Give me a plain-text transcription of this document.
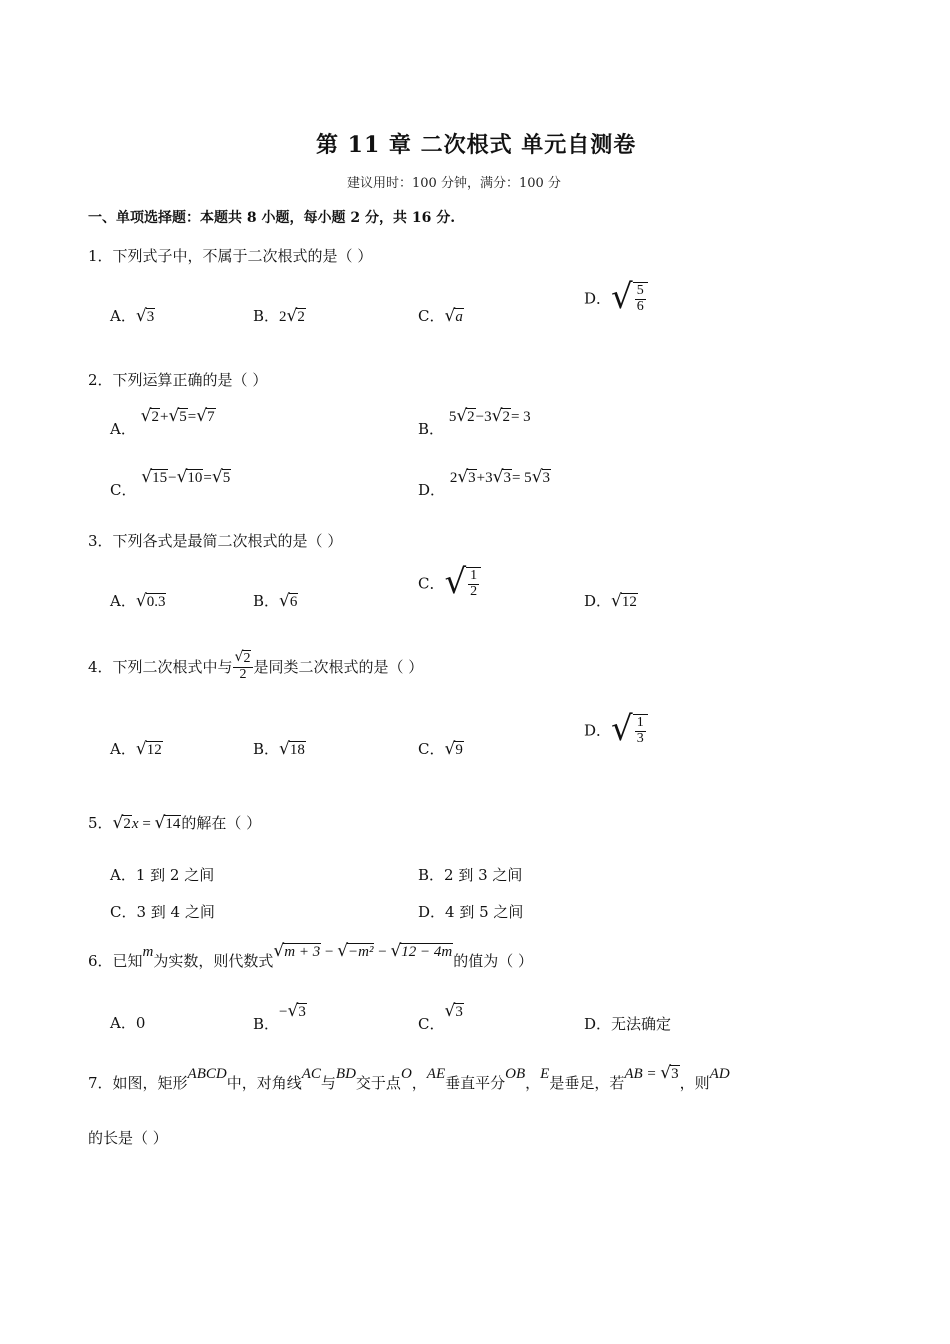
第 11 章 二次根式 单元自测卷
建议用时：100 分钟，满分：100 分
一、单项选择题：本题共 8 小题，每小题 2 分，共 16 分.
1．下列式子中，不属于二次根式的是（ ）
A． √ 3	B．2 √ 2	C． √ a
D． √ $\frac{5}{6}$
2．下列运算正确的是（ ）
A．
√ 2 + √ 5 = √ 7
B． 5 √ 2 −3 √ 2 = 3
C．
√ 15 − √ 10 = √ 5
D． 2 √ 3 +3 √ 3 = 5 √ 3
3．下列各式是最简二次根式的是（ ）
A． √ 0.3	B． √ 6
C． √ $\frac{1}{2}$
D． √ 12
4．下列二次根式中与 $\frac{√ 2}{2}$ 是同类二次根式的是（ ）
A． √ 12	B． √ 18	C． √ 9
D． √ $\frac{1}{3}$
5． √ 2 x = √ 14 的解在（ ）
A．1 到 2 之间	B．2 到 3 之间
C．3 到 4 之间	D．4 到 5 之间
6．已知m为实数，则代数式
√ m + 3 − √ −m² − √ 12 − 4m
的值为（ ）
A．0	B．− √ 3
C．
√ 3
D．无法确定
7．如图，矩形ABCD中，对角线AC与BD交于点O，AE垂直平分OB，E是垂足，若AB = √ 3
，则AD
的长是（ ）
